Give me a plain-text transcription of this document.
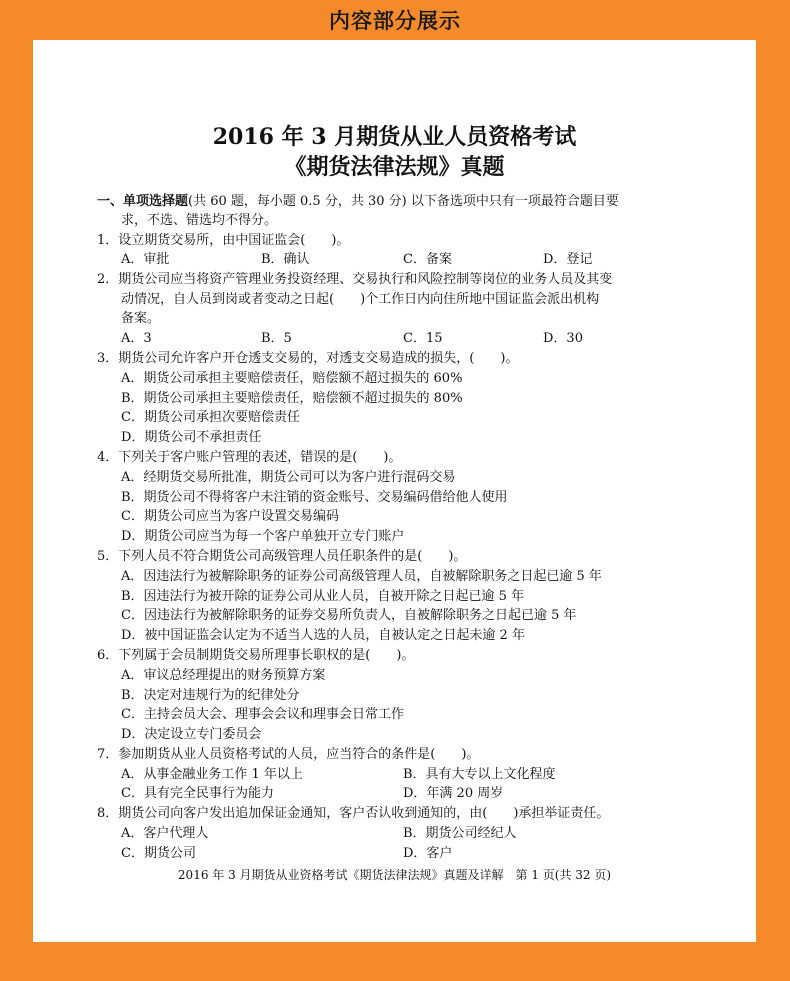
内容部分展示
2016 年 3 月期货从业人员资格考试
《期货法律法规》真题
一、单项选择题(共 60 题，每小题 0.5 分，共 30 分) 以下备选项中只有一项最符合题目要
求，不选、错选均不得分。
1．设立期货交易所，由中国证监会(　　)。
A．审批	B．确认	C．备案	D．登记
2．期货公司应当将资产管理业务投资经理、交易执行和风险控制等岗位的业务人员及其变
动情况，自人员到岗或者变动之日起(　　)个工作日内向住所地中国证监会派出机构
备案。
A．3	B．5	C．15	D．30
3．期货公司允许客户开仓透支交易的，对透支交易造成的损失，(　　)。
A．期货公司承担主要赔偿责任，赔偿额不超过损失的 60%
B．期货公司承担主要赔偿责任，赔偿额不超过损失的 80%
C．期货公司承担次要赔偿责任
D．期货公司不承担责任
4．下列关于客户账户管理的表述，错误的是(　　)。
A．经期货交易所批准，期货公司可以为客户进行混码交易
B．期货公司不得将客户未注销的资金账号、交易编码借给他人使用
C．期货公司应当为客户设置交易编码
D．期货公司应当为每一个客户单独开立专门账户
5．下列人员不符合期货公司高级管理人员任职条件的是(　　)。
A．因违法行为被解除职务的证券公司高级管理人员，自被解除职务之日起已逾 5 年
B．因违法行为被开除的证券公司从业人员，自被开除之日起已逾 5 年
C．因违法行为被解除职务的证券交易所负责人，自被解除职务之日起已逾 5 年
D．被中国证监会认定为不适当人选的人员，自被认定之日起未逾 2 年
6．下列属于会员制期货交易所理事长职权的是(　　)。
A．审议总经理提出的财务预算方案
B．决定对违规行为的纪律处分
C．主持会员大会、理事会会议和理事会日常工作
D．决定设立专门委员会
7．参加期货从业人员资格考试的人员，应当符合的条件是(　　)。
A．从事金融业务工作 1 年以上	B．具有大专以上文化程度
C．具有完全民事行为能力	D．年满 20 周岁
8．期货公司向客户发出追加保证金通知，客户否认收到通知的，由(　　)承担举证责任。
A．客户代理人	B．期货公司经纪人
C．期货公司	D．客户
2016 年 3 月期货从业资格考试《期货法律法规》真题及详解　第 1 页(共 32 页)
